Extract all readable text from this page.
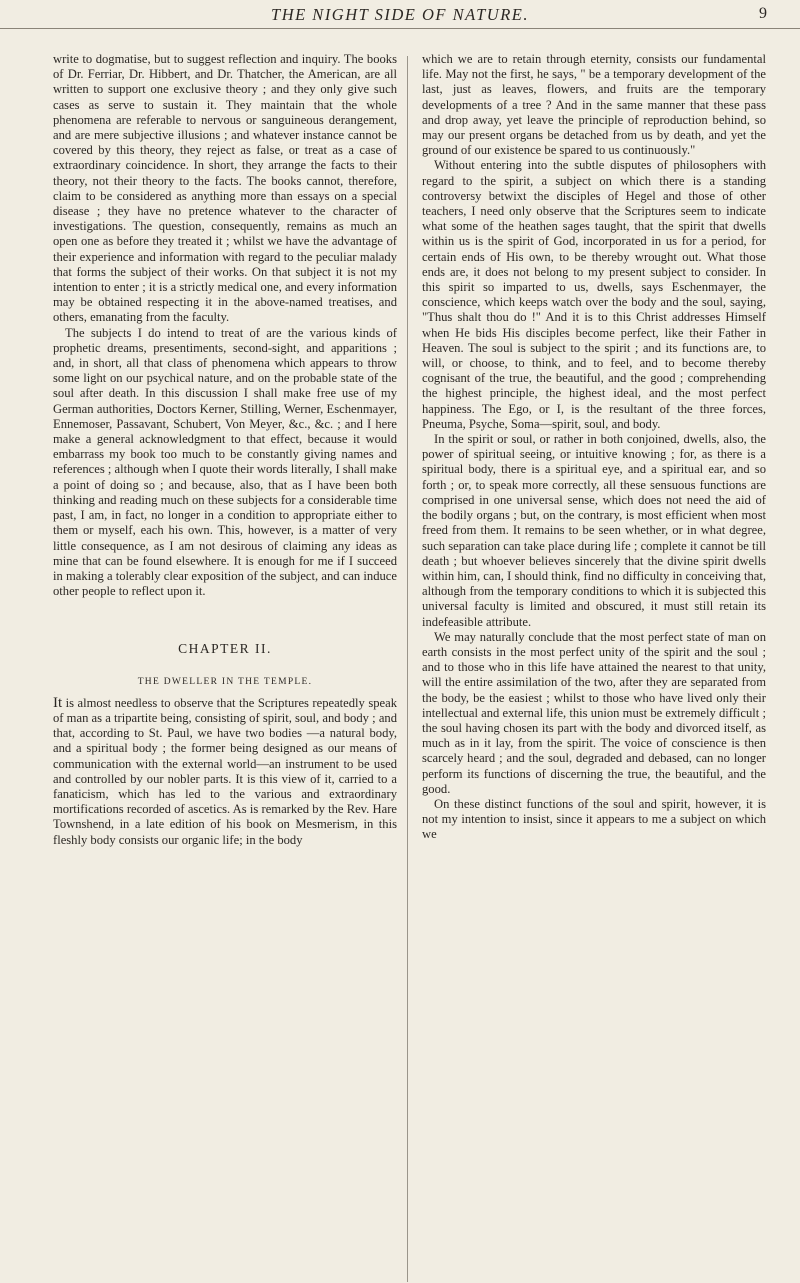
THE NIGHT SIDE OF NATURE.	9

write to dogmatise, but to suggest reflection and inquiry. The books of Dr. Ferriar, Dr. Hibbert, and Dr. Thatcher, the American, are all written to support one exclusive theory ; and they only give such cases as serve to sustain it. They maintain that the whole phenomena are referable to nervous or sanguineous derangement, and are mere subjective illusions ; and whatever instance cannot be covered by this theory, they reject as false, or treat as a case of extraordinary coincidence. In short, they arrange the facts to their theory, not their theory to the facts. The books cannot, therefore, claim to be considered as anything more than essays on a special disease ; they have no pretence whatever to the character of investigations. The question, consequently, remains as much an open one as before they treated it ; whilst we have the advantage of their experience and information with regard to the peculiar malady that forms the subject of their works. On that subject it is not my intention to enter ; it is a strictly medical one, and every information may be obtained respecting it in the above-named treatises, and others, emanating from the faculty.

The subjects I do intend to treat of are the various kinds of prophetic dreams, presentiments, second-sight, and apparitions ; and, in short, all that class of phenomena which appears to throw some light on our psychical nature, and on the probable state of the soul after death. In this discussion I shall make free use of my German authorities, Doctors Kerner, Stilling, Werner, Eschenmayer, Ennemoser, Passavant, Schubert, Von Meyer, &c., &c. ; and I here make a general acknowledgment to that effect, because it would embarrass my book too much to be constantly giving names and references ; although when I quote their words literally, I shall make a point of doing so ; and because, also, that as I have been both thinking and reading much on these subjects for a considerable time past, I am, in fact, no longer in a condition to appropriate either to them or myself, each his own. This, however, is a matter of very little consequence, as I am not desirous of claiming any ideas as mine that can be found elsewhere. It is enough for me if I succeed in making a tolerably clear exposition of the subject, and can induce other people to reflect upon it.

CHAPTER II.
THE DWELLER IN THE TEMPLE.

It is almost needless to observe that the Scriptures repeatedly speak of man as a tripartite being, consisting of spirit, soul, and body ; and that, according to St. Paul, we have two bodies —a natural body, and a spiritual body ; the former being designed as our means of communication with the external world—an instrument to be used and controlled by our nobler parts. It is this view of it, carried to a fanaticism, which has led to the various and extraordinary mortifications recorded of ascetics. As is remarked by the Rev. Hare Townshend, in a late edition of his book on Mesmerism, in this fleshly body consists our organic life; in the body

which we are to retain through eternity, consists our fundamental life. May not the first, he says, " be a temporary development of the last, just as leaves, flowers, and fruits are the temporary developments of a tree ? And in the same manner that these pass and drop away, yet leave the principle of reproduction behind, so may our present organs be detached from us by death, and yet the ground of our existence be spared to us continuously."

Without entering into the subtle disputes of philosophers with regard to the spirit, a subject on which there is a standing controversy betwixt the disciples of Hegel and those of other teachers, I need only observe that the Scriptures seem to indicate what some of the heathen sages taught, that the spirit that dwells within us is the spirit of God, incorporated in us for a period, for certain ends of His own, to be thereby wrought out. What those ends are, it does not belong to my present subject to consider. In this spirit so imparted to us, dwells, says Eschenmayer, the conscience, which keeps watch over the body and the soul, saying, "Thus shalt thou do !" And it is to this Christ addresses Himself when He bids His disciples become perfect, like their Father in Heaven. The soul is subject to the spirit ; and its functions are, to will, or choose, to think, and to feel, and to become thereby cognisant of the true, the beautiful, and the good ; comprehending the highest principle, the highest ideal, and the most perfect happiness. The Ego, or I, is the resultant of the three forces, Pneuma, Psyche, Soma—spirit, soul, and body.

In the spirit or soul, or rather in both conjoined, dwells, also, the power of spiritual seeing, or intuitive knowing ; for, as there is a spiritual body, there is a spiritual eye, and a spiritual ear, and so forth ; or, to speak more correctly, all these sensuous functions are comprised in one universal sense, which does not need the aid of the bodily organs ; but, on the contrary, is most efficient when most freed from them. It remains to be seen whether, or in what degree, such separation can take place during life ; complete it cannot be till death ; but whoever believes sincerely that the divine spirit dwells within him, can, I should think, find no difficulty in conceiving that, although from the temporary conditions to which it is subjected this universal faculty is limited and obscured, it must still retain its indefeasible attribute.

We may naturally conclude that the most perfect state of man on earth consists in the most perfect unity of the spirit and the soul ; and to those who in this life have attained the nearest to that unity, will the entire assimilation of the two, after they are separated from the body, be the easiest ; whilst to those who have lived only their intellectual and external life, this union must be extremely difficult ; the soul having chosen its part with the body and divorced itself, as much as in it lay, from the spirit. The voice of conscience is then scarcely heard ; and the soul, degraded and debased, can no longer perform its functions of discerning the true, the beautiful, and the good.

On these distinct functions of the soul and spirit, however, it is not my intention to insist, since it appears to me a subject on which we
